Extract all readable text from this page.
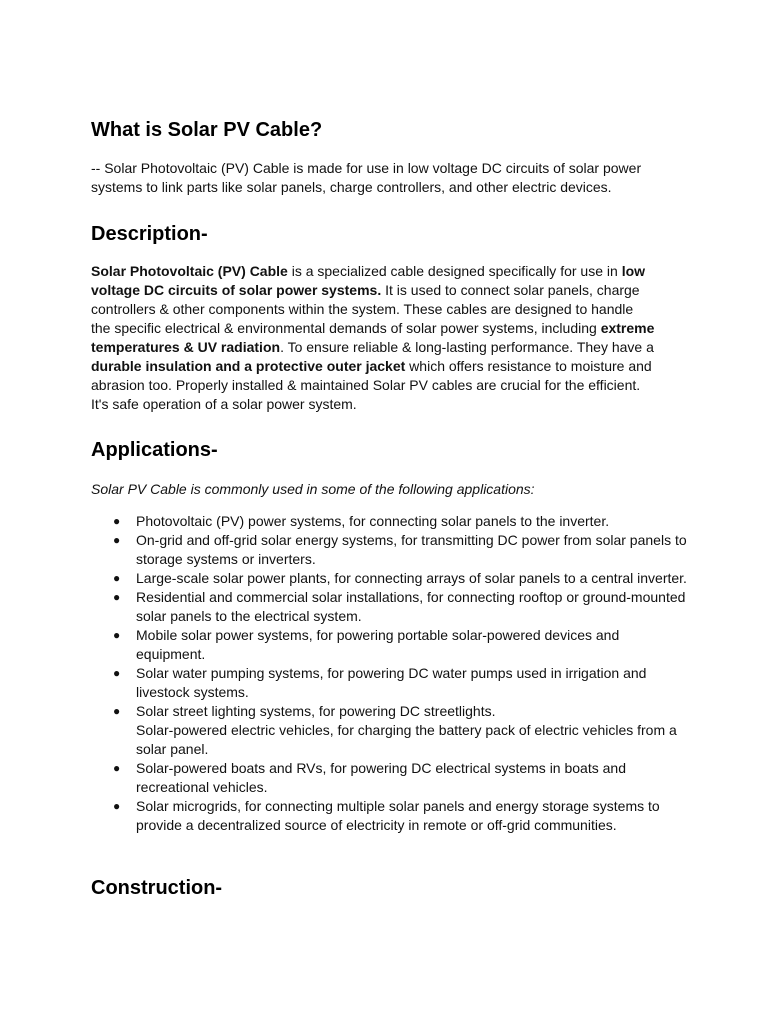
What is Solar PV Cable?

-- Solar Photovoltaic (PV) Cable is made for use in low voltage DC circuits of solar power systems to link parts like solar panels, charge controllers, and other electric devices.

Description-

Solar Photovoltaic (PV) Cable is a specialized cable designed specifically for use in low voltage DC circuits of solar power systems. It is used to connect solar panels, charge controllers & other components within the system. These cables are designed to handle the specific electrical & environmental demands of solar power systems, including extreme temperatures & UV radiation. To ensure reliable & long-lasting performance. They have a durable insulation and a protective outer jacket which offers resistance to moisture and abrasion too. Properly installed & maintained Solar PV cables are crucial for the efficient. It's safe operation of a solar power system.

Applications-

Solar PV Cable is commonly used in some of the following applications:

● Photovoltaic (PV) power systems, for connecting solar panels to the inverter.
● On-grid and off-grid solar energy systems, for transmitting DC power from solar panels to storage systems or inverters.
● Large-scale solar power plants, for connecting arrays of solar panels to a central inverter.
● Residential and commercial solar installations, for connecting rooftop or ground-mounted solar panels to the electrical system.
● Mobile solar power systems, for powering portable solar-powered devices and equipment.
● Solar water pumping systems, for powering DC water pumps used in irrigation and livestock systems.
● Solar street lighting systems, for powering DC streetlights.
Solar-powered electric vehicles, for charging the battery pack of electric vehicles from a solar panel.
● Solar-powered boats and RVs, for powering DC electrical systems in boats and recreational vehicles.
● Solar microgrids, for connecting multiple solar panels and energy storage systems to provide a decentralized source of electricity in remote or off-grid communities.
Construction-
